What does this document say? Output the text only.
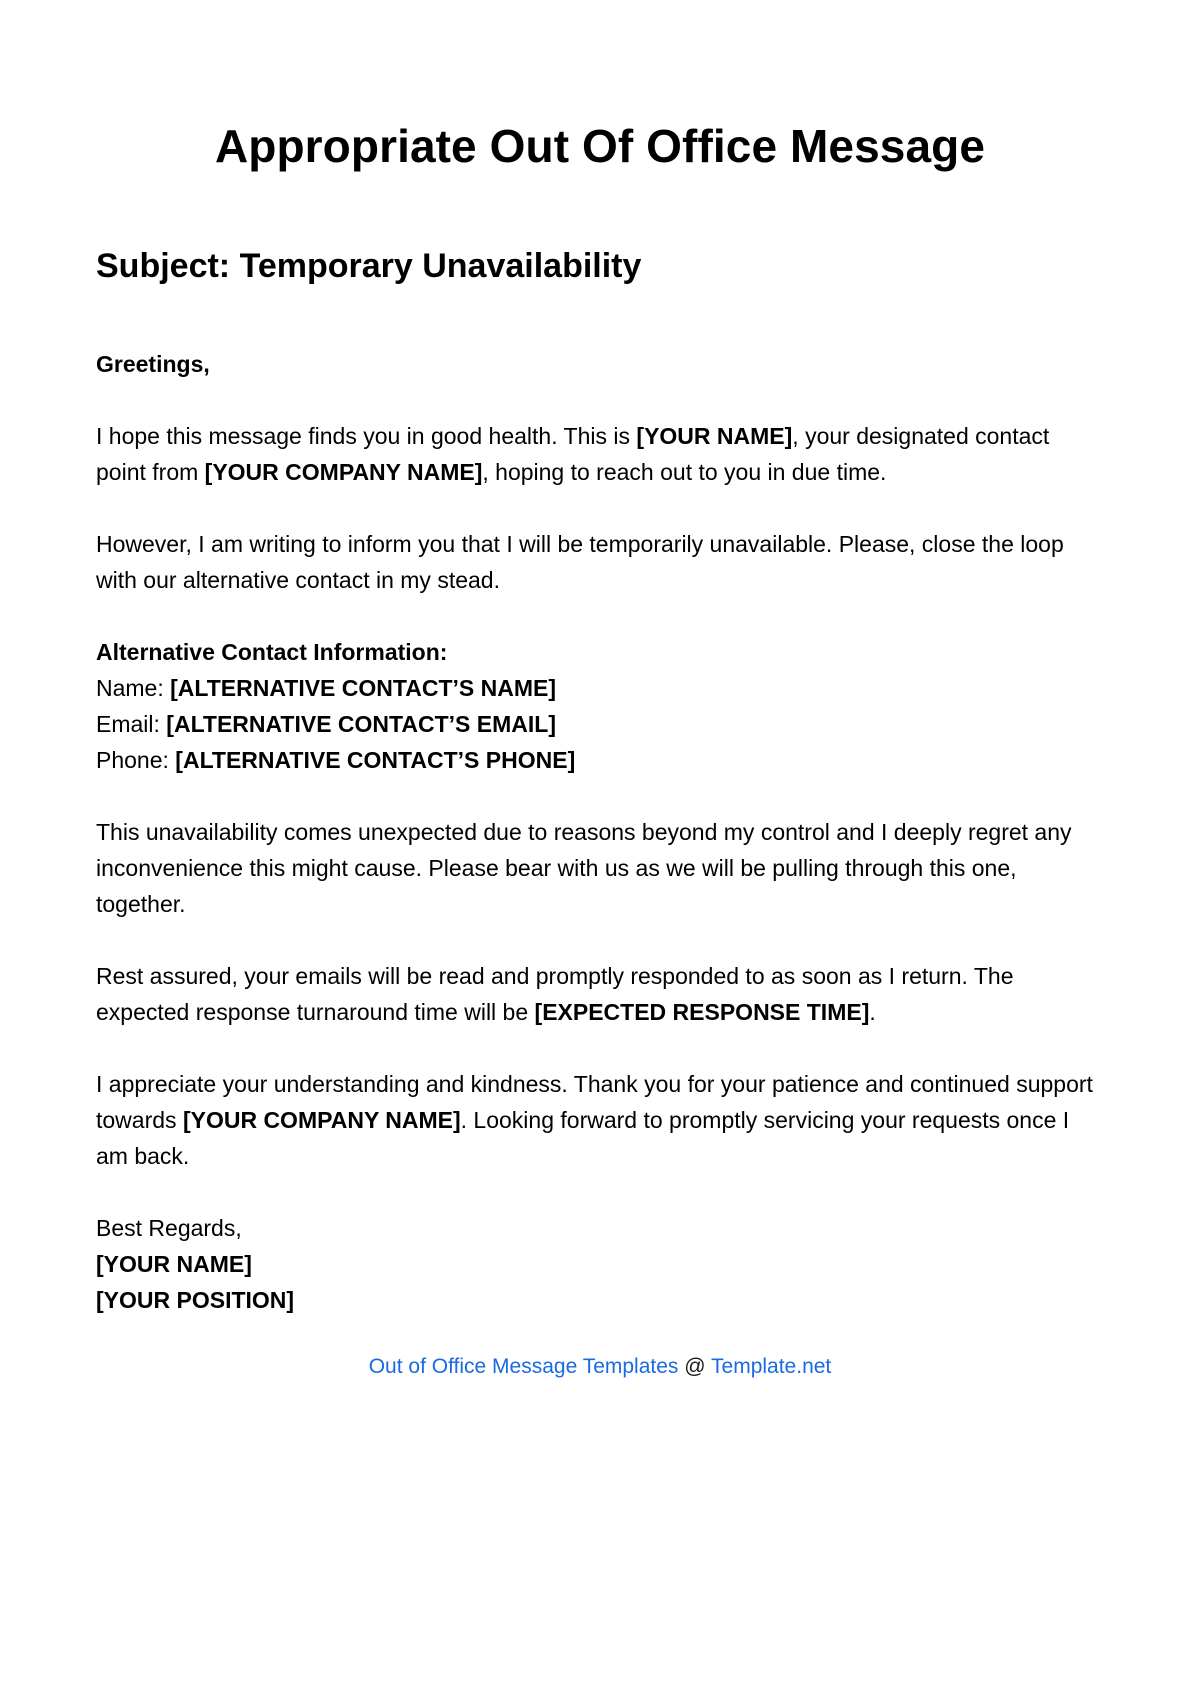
Appropriate Out Of Office Message
Subject: Temporary Unavailability

Greetings,

I hope this message finds you in good health. This is [YOUR NAME], your designated contact point from [YOUR COMPANY NAME], hoping to reach out to you in due time.

However, I am writing to inform you that I will be temporarily unavailable. Please, close the loop with our alternative contact in my stead.

Alternative Contact Information:
Name: [ALTERNATIVE CONTACT’S NAME]
Email: [ALTERNATIVE CONTACT’S EMAIL]
Phone: [ALTERNATIVE CONTACT’S PHONE]

This unavailability comes unexpected due to reasons beyond my control and I deeply regret any inconvenience this might cause. Please bear with us as we will be pulling through this one, together.

Rest assured, your emails will be read and promptly responded to as soon as I return. The expected response turnaround time will be [EXPECTED RESPONSE TIME].

I appreciate your understanding and kindness. Thank you for your patience and continued support towards [YOUR COMPANY NAME]. Looking forward to promptly servicing your requests once I am back.

Best Regards,
[YOUR NAME]
[YOUR POSITION]

Out of Office Message Templates @ Template.net
